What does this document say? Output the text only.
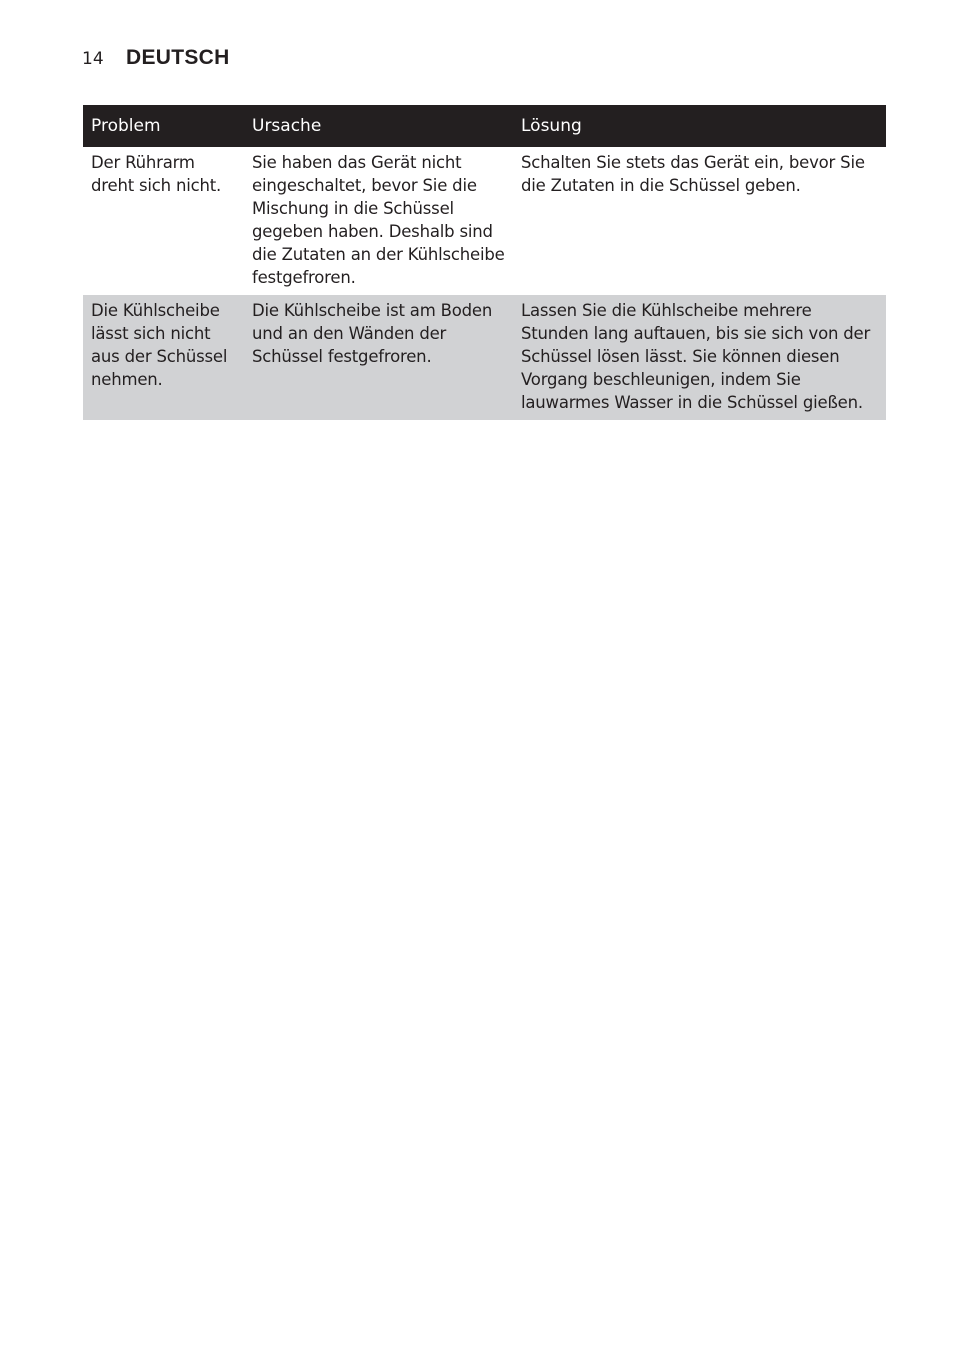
14	DEUTSCH
Problem	Ursache	Lösung
Der Rührarm dreht sich nicht.	Sie haben das Gerät nicht eingeschaltet, bevor Sie die Mischung in die Schüssel gegeben haben. Deshalb sind die Zutaten an der Kühlscheibe festgefroren.	Schalten Sie stets das Gerät ein, bevor Sie die Zutaten in die Schüssel geben.
Die Kühlscheibe lässt sich nicht aus der Schüssel nehmen.	Die Kühlscheibe ist am Boden und an den Wänden der Schüssel festgefroren.	Lassen Sie die Kühlscheibe mehrere Stunden lang auftauen, bis sie sich von der Schüssel lösen lässt. Sie können diesen Vorgang beschleunigen, indem Sie lauwarmes Wasser in die Schüssel gießen.
